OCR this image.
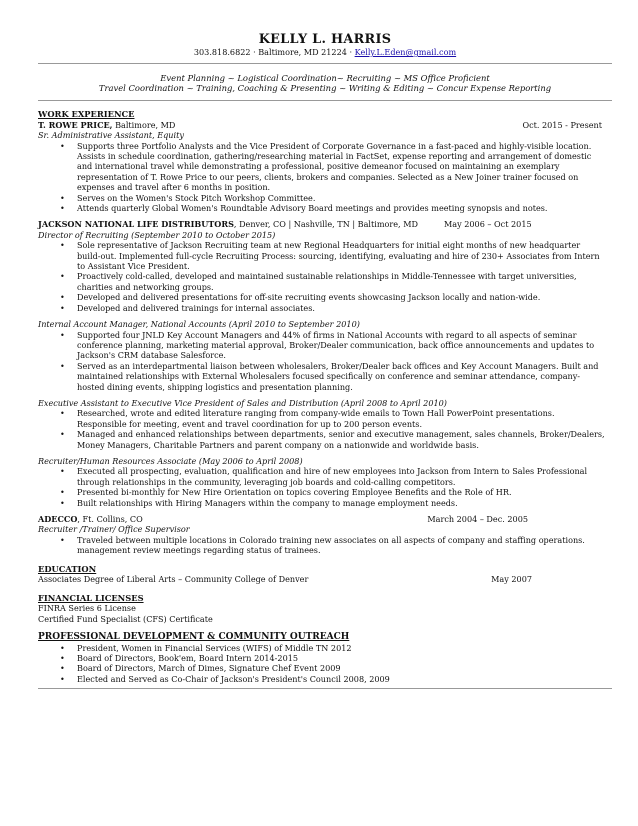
KELLY L. HARRIS
303.818.6822 · Baltimore, MD 21224 · Kelly.L.Eden@gmail.com
Event Planning ~ Logistical Coordination~ Recruiting ~ MS Office Proficient
Travel Coordination ~ Training, Coaching & Presenting ~ Writing & Editing ~ Concur Expense Reporting
WORK EXPERIENCE
T. ROWE PRICE, Baltimore, MD	Oct. 2015 - Present
Sr. Administrative Assistant, Equity
• Supports three Portfolio Analysts and the Vice President of Corporate Governance in a fast-paced and highly-visible location. Assists in schedule coordination, gathering/researching material in FactSet, expense reporting and arrangement of domestic and international travel while demonstrating a professional, positive demeanor focused on maintaining an exemplary representation of T. Rowe Price to our peers, clients, brokers and companies. Selected as a New Joiner trainer focused on expenses and travel after 6 months in position.
• Serves on the Women's Stock Pitch Workshop Committee.
• Attends quarterly Global Women's Roundtable Advisory Board meetings and provides meeting synopsis and notes.
JACKSON NATIONAL LIFE DISTRIBUTORS, Denver, CO | Nashville, TN | Baltimore, MD	May 2006 – Oct 2015
Director of Recruiting (September 2010 to October 2015)
• Sole representative of Jackson Recruiting team at new Regional Headquarters for initial eight months of new headquarter build-out. Implemented full-cycle Recruiting Process: sourcing, identifying, evaluating and hire of 230+ Associates from Intern to Assistant Vice President.
• Proactively cold-called, developed and maintained sustainable relationships in Middle-Tennessee with target universities, charities and networking groups.
• Developed and delivered presentations for off-site recruiting events showcasing Jackson locally and nation-wide.
• Developed and delivered trainings for internal associates.
Internal Account Manager, National Accounts (April 2010 to September 2010)
• Supported four JNLD Key Account Managers and 44% of firms in National Accounts with regard to all aspects of seminar conference planning, marketing material approval, Broker/Dealer communication, back office announcements and updates to Jackson's CRM database Salesforce.
• Served as an interdepartmental liaison between wholesalers, Broker/Dealer back offices and Key Account Managers. Built and maintained relationships with External Wholesalers focused specifically on conference and seminar attendance, company-hosted dining events, shipping logistics and presentation planning.
Executive Assistant to Executive Vice President of Sales and Distribution (April 2008 to April 2010)
• Researched, wrote and edited literature ranging from company-wide emails to Town Hall PowerPoint presentations. Responsible for meeting, event and travel coordination for up to 200 person events.
• Managed and enhanced relationships between departments, senior and executive management, sales channels, Broker/Dealers, Money Managers, Charitable Partners and parent company on a nationwide and worldwide basis.
Recruiter/Human Resources Associate (May 2006 to April 2008)
• Executed all prospecting, evaluation, qualification and hire of new employees into Jackson from Intern to Sales Professional through relationships in the community, leveraging job boards and cold-calling competitors.
• Presented bi-monthly for New Hire Orientation on topics covering Employee Benefits and the Role of HR.
• Built relationships with Hiring Managers within the company to manage employment needs.
ADECCO, Ft. Collins, CO	March 2004 – Dec. 2005
Recruiter /Trainer/ Office Supervisor
• Traveled between multiple locations in Colorado training new associates on all aspects of company and staffing operations. management review meetings regarding status of trainees.
EDUCATION
Associates Degree of Liberal Arts – Community College of Denver	May 2007
FINANCIAL LICENSES
FINRA Series 6 License
Certified Fund Specialist (CFS) Certificate
PROFESSIONAL DEVELOPMENT & COMMUNITY OUTREACH
• President, Women in Financial Services (WIFS) of Middle TN 2012
• Board of Directors, Book'em, Board Intern 2014-2015
• Board of Directors, March of Dimes, Signature Chef Event 2009
• Elected and Served as Co-Chair of Jackson's President's Council 2008, 2009
